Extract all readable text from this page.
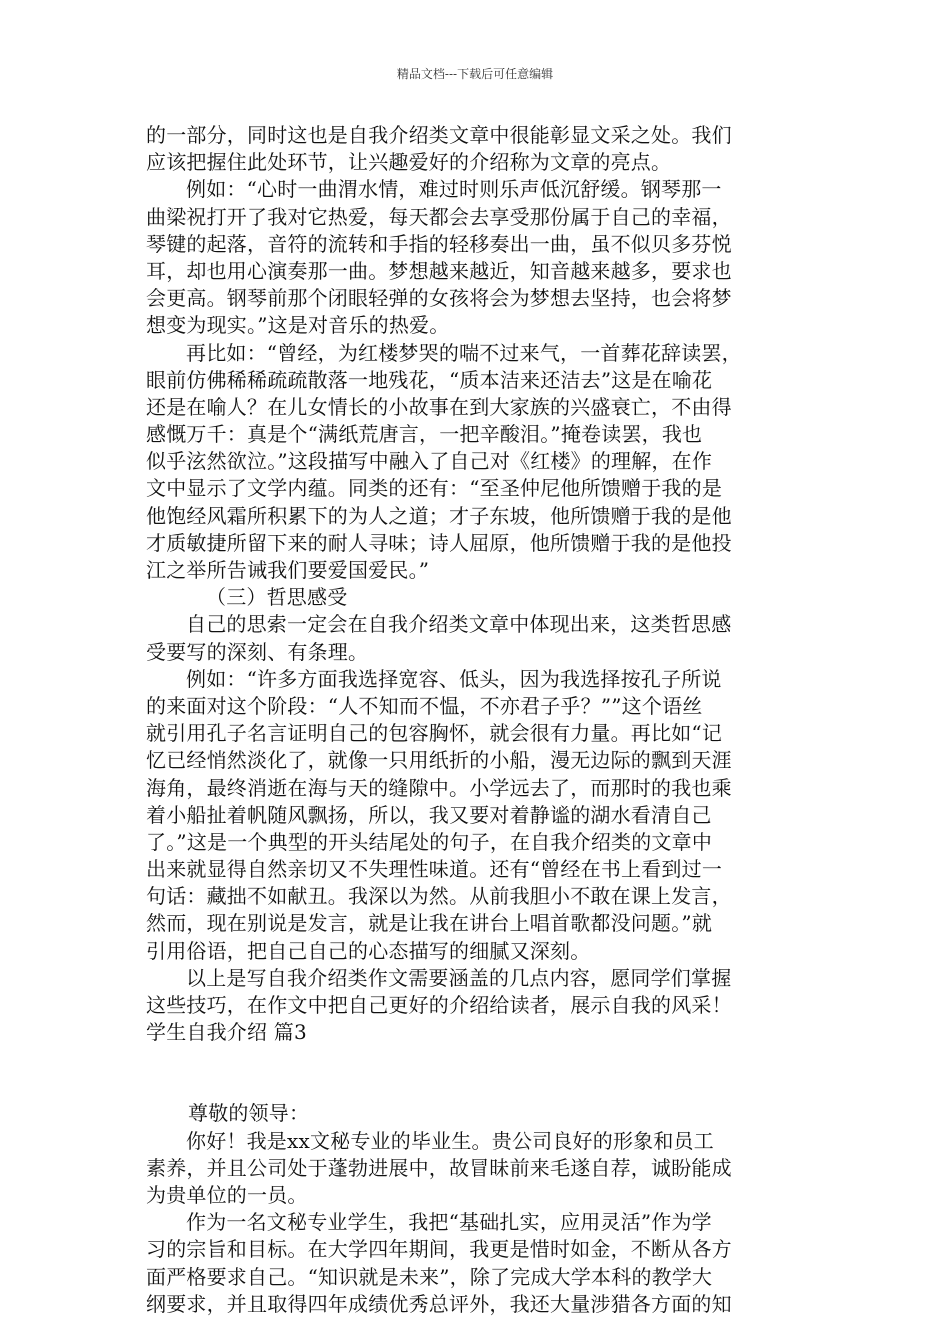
精品文档---下载后可任意编辑
的一部分，同时这也是自我介绍类文章中很能彰显文采之处。我们
应该把握住此处环节，让兴趣爱好的介绍称为文章的亮点。
例如：“心时一曲渭水情，难过时则乐声低沉舒缓。钢琴那一
曲梁祝打开了我对它热爱，每天都会去享受那份属于自己的幸福，
琴键的起落，音符的流转和手指的轻移奏出一曲，虽不似贝多芬悦
耳，却也用心演奏那一曲。梦想越来越近，知音越来越多，要求也
会更高。钢琴前那个闭眼轻弹的女孩将会为梦想去坚持，也会将梦
想变为现实。”这是对音乐的热爱。
再比如：“曾经，为红楼梦哭的喘不过来气，一首葬花辞读罢，
眼前仿佛稀稀疏疏散落一地残花，“质本洁来还洁去”这是在喻花
还是在喻人？在儿女情长的小故事在到大家族的兴盛衰亡，不由得
感慨万千：真是个“满纸荒唐言，一把辛酸泪。”掩卷读罢，我也
似乎泫然欲泣。”这段描写中融入了自己对《红楼》的理解，在作
文中显示了文学内蕴。同类的还有：“至圣仲尼他所馈赠于我的是
他饱经风霜所积累下的为人之道；才子东坡，他所馈赠于我的是他
才质敏捷所留下来的耐人寻味；诗人屈原，他所馈赠于我的是他投
江之举所告诫我们要爱国爱民。”
（三）哲思感受
自己的思索一定会在自我介绍类文章中体现出来，这类哲思感
受要写的深刻、有条理。
例如：“许多方面我选择宽容、低头，因为我选择按孔子所说
的来面对这个阶段：“人不知而不愠，不亦君子乎？””这个语丝
就引用孔子名言证明自己的包容胸怀，就会很有力量。再比如“记
忆已经悄然淡化了，就像一只用纸折的小船，漫无边际的飘到天涯
海角，最终消逝在海与天的缝隙中。小学远去了，而那时的我也乘
着小船扯着帆随风飘扬，所以，我又要对着静谧的湖水看清自己
了。”这是一个典型的开头结尾处的句子，在自我介绍类的文章中
出来就显得自然亲切又不失理性味道。还有“曾经在书上看到过一
句话：藏拙不如献丑。我深以为然。从前我胆小不敢在课上发言，
然而，现在别说是发言，就是让我在讲台上唱首歌都没问题。”就
引用俗语，把自己自己的心态描写的细腻又深刻。
以上是写自我介绍类作文需要涵盖的几点内容，愿同学们掌握
这些技巧，在作文中把自己更好的介绍给读者，展示自我的风采！
学生自我介绍 篇3
尊敬的领导：
你好！我是xx文秘专业的毕业生。贵公司良好的形象和员工
素养，并且公司处于蓬勃进展中，故冒昧前来毛遂自荐，诚盼能成
为贵单位的一员。
作为一名文秘专业学生，我把“基础扎实，应用灵活”作为学
习的宗旨和目标。在大学四年期间，我更是惜时如金，不断从各方
面严格要求自己。“知识就是未来”，除了完成大学本科的教学大
纲要求，并且取得四年成绩优秀总评外，我还大量涉猎各方面的知
